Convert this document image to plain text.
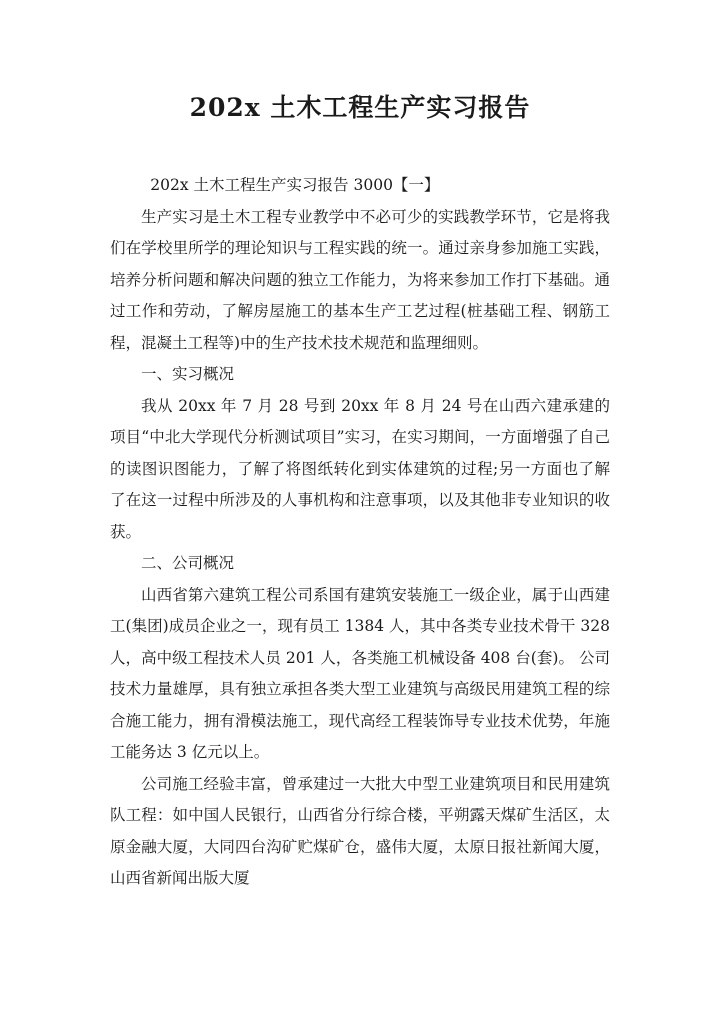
202x 土木工程生产实习报告

202x 土木工程生产实习报告 3000【一】

生产实习是土木工程专业教学中不必可少的实践教学环节，它是将我们在学校里所学的理论知识与工程实践的统一。通过亲身参加施工实践，培养分析问题和解决问题的独立工作能力，为将来参加工作打下基础。通过工作和劳动，了解房屋施工的基本生产工艺过程(桩基础工程、钢筋工程，混凝土工程等)中的生产技术技术规范和监理细则。

一、实习概况

我从 20xx 年 7 月 28 号到 20xx 年 8 月 24 号在山西六建承建的项目“中北大学现代分析测试项目”实习，在实习期间，一方面增强了自己的读图识图能力，了解了将图纸转化到实体建筑的过程;另一方面也了解了在这一过程中所涉及的人事机构和注意事项，以及其他非专业知识的收获。

二、公司概况

山西省第六建筑工程公司系国有建筑安装施工一级企业，属于山西建工(集团)成员企业之一，现有员工 1384 人，其中各类专业技术骨干 328 人，高中级工程技术人员 201 人，各类施工机械设备 408 台(套)。 公司技术力量雄厚，具有独立承担各类大型工业建筑与高级民用建筑工程的综合施工能力，拥有滑模法施工，现代高经工程装饰导专业技术优势，年施工能务达 3 亿元以上。

公司施工经验丰富，曾承建过一大批大中型工业建筑项目和民用建筑队工程：如中国人民银行，山西省分行综合楼，平朔露天煤矿生活区，太原金融大厦，大同四台沟矿贮煤矿仓，盛伟大厦，太原日报社新闻大厦，山西省新闻出版大厦
